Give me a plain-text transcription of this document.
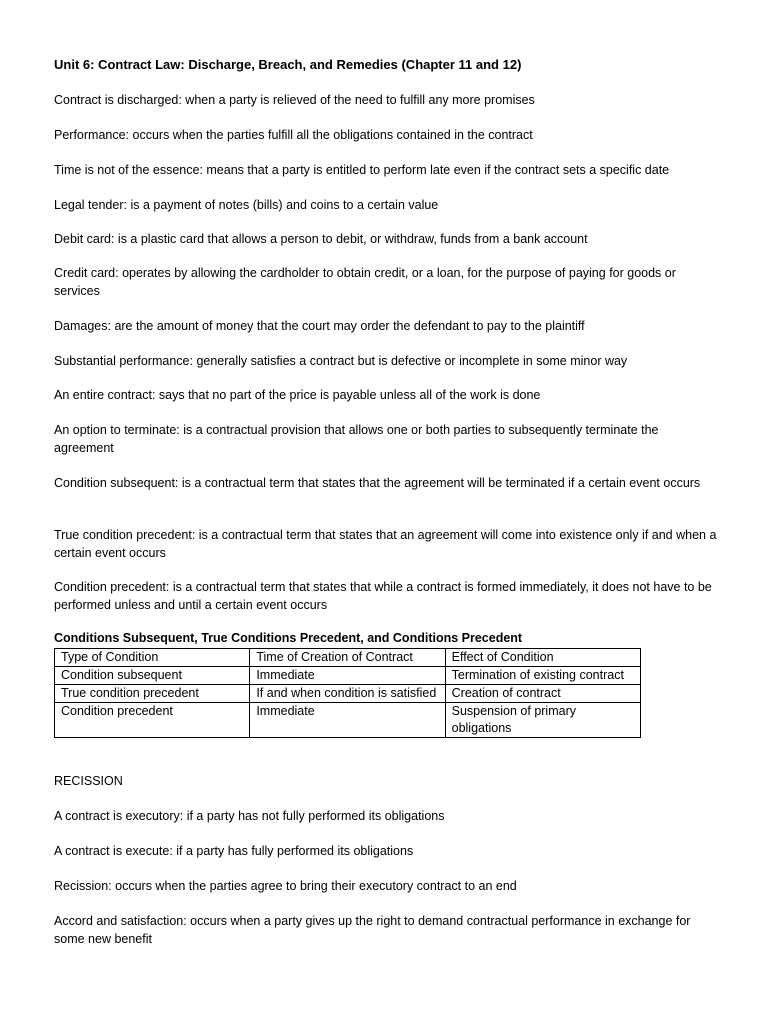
Unit 6: Contract Law: Discharge, Breach, and Remedies (Chapter 11 and 12)
Contract is discharged: when a party is relieved of the need to fulfill any more promises
Performance: occurs when the parties fulfill all the obligations contained in the contract
Time is not of the essence: means that a party is entitled to perform late even if the contract sets a specific date
Legal tender: is a payment of notes (bills) and coins to a certain value
Debit card: is a plastic card that allows a person to debit, or withdraw, funds from a bank account
Credit card: operates by allowing the cardholder to obtain credit, or a loan, for the purpose of paying for goods or services
Damages: are the amount of money that the court may order the defendant to pay to the plaintiff
Substantial performance: generally satisfies a contract but is defective or incomplete in some minor way
An entire contract: says that no part of the price is payable unless all of the work is done
An option to terminate: is a contractual provision that allows one or both parties to subsequently terminate the agreement
Condition subsequent: is a contractual term that states that the agreement will be terminated if a certain event occurs
True condition precedent: is a contractual term that states that an agreement will come into existence only if and when a certain event occurs
Condition precedent: is a contractual term that states that while a contract is formed immediately, it does not have to be performed unless and until a certain event occurs
Conditions Subsequent, True Conditions Precedent, and Conditions Precedent
Type of Condition	Time of Creation of Contract	Effect of Condition
Condition subsequent	Immediate	Termination of existing contract
True condition precedent	If and when condition is satisfied	Creation of contract
Condition precedent	Immediate	Suspension of primary obligations
RECISSION
A contract is executory: if a party has not fully performed its obligations
A contract is execute: if a party has fully performed its obligations
Recission: occurs when the parties agree to bring their executory contract to an end
Accord and satisfaction: occurs when a party gives up the right to demand contractual performance in exchange for some new benefit
